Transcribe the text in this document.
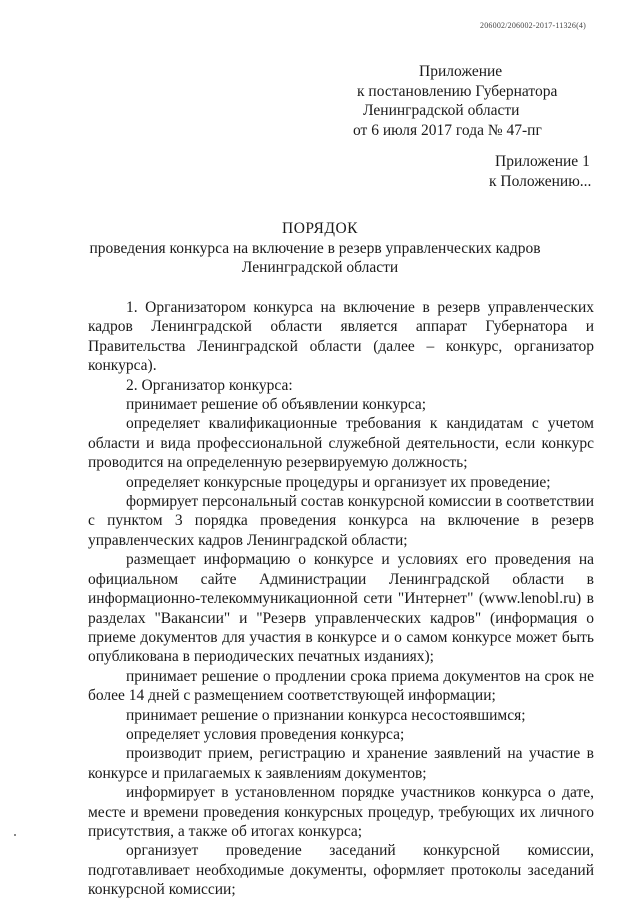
206002/206002-2017-11326(4)
Приложение
к постановлению Губернатора
Ленинградской области
от 6 июля 2017 года № 47-пг
Приложение 1
к Положению...
ПОРЯДОК
проведения конкурса на включение в резерв управленческих кадров
Ленинградской области

1. Организатором конкурса на включение в резерв управленческих кадров Ленинградской области является аппарат Губернатора и Правительства Ленинградской области (далее – конкурс, организатор конкурса).

2. Организатор конкурса:

принимает решение об объявлении конкурса;

определяет квалификационные требования к кандидатам с учетом области и вида профессиональной служебной деятельности, если конкурс проводится на определенную резервируемую должность;

определяет конкурсные процедуры и организует их проведение;

формирует персональный состав конкурсной комиссии в соответствии с пунктом 3 порядка проведения конкурса на включение в резерв управленческих кадров Ленинградской области;

размещает информацию о конкурсе и условиях его проведения на официальном сайте Администрации Ленинградской области в информационно-телекоммуникационной сети "Интернет" (www.lenobl.ru) в разделах "Вакансии" и "Резерв управленческих кадров" (информация о приеме документов для участия в конкурсе и о самом конкурсе может быть опубликована в периодических печатных изданиях);

принимает решение о продлении срока приема документов на срок не более 14 дней с размещением соответствующей информации;

принимает решение о признании конкурса несостоявшимся;

определяет условия проведения конкурса;

производит прием, регистрацию и хранение заявлений на участие в конкурсе и прилагаемых к заявлениям документов;

информирует в установленном порядке участников конкурса о дате, месте и времени проведения конкурсных процедур, требующих их личного присутствия, а также об итогах конкурса;

организует проведение заседаний конкурсной комиссии, подготавливает необходимые документы, оформляет протоколы заседаний конкурсной комиссии;
